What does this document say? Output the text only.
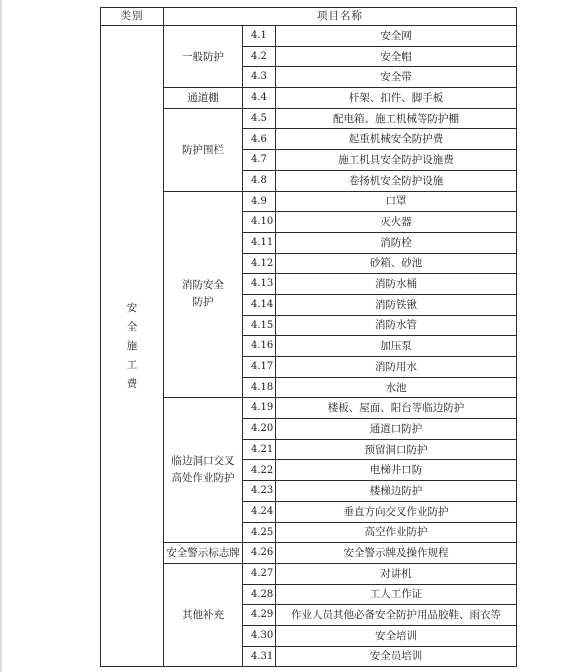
类别	项目名称		
安全施工费	一般防护	4.1	安全网
		4.2	安全帽
		4.3	安全带
	通道棚	4.4	杆架、扣件、脚手板
	防护围栏	4.5	配电箱、施工机械等防护棚
		4.6	起重机械安全防护费
		4.7	施工机具安全防护设施费
		4.8	卷扬机安全防护设施
	消防安全防护	4.9	口罩
		4.10	灭火器
		4.11	消防栓
		4.12	砂箱、砂池
		4.13	消防水桶
		4.14	消防铁锹
		4.15	消防水管
		4.16	加压泵
		4.17	消防用水
		4.18	水池
	临边洞口交叉高处作业防护	4.19	楼板、屋面、阳台等临边防护
		4.20	通道口防护
		4.21	预留洞口防护
		4.22	电梯井口防
		4.23	楼梯边防护
		4.24	垂直方向交叉作业防护
		4.25	高空作业防护
	安全警示标志牌	4.26	安全警示牌及操作规程
	其他补充	4.27	对讲机
		4.28	工人工作证
		4.29	作业人员其他必备安全防护用品胶鞋、雨衣等
		4.30	安全培训
		4.31	安全员培训
